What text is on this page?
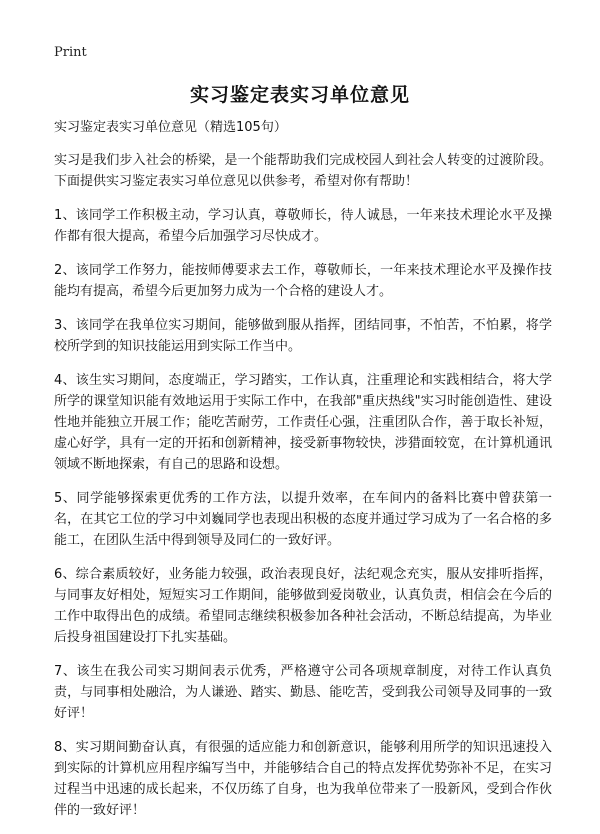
Print
实习鉴定表实习单位意见

实习鉴定表实习单位意见（精选105句）

实习是我们步入社会的桥梁，是一个能帮助我们完成校园人到社会人转变的过渡阶段。下面提供实习鉴定表实习单位意见以供参考，希望对你有帮助！

1、该同学工作积极主动，学习认真，尊敬师长，待人诚恳，一年来技术理论水平及操作都有很大提高，希望今后加强学习尽快成才。

2、该同学工作努力，能按师傅要求去工作，尊敬师长，一年来技术理论水平及操作技能均有提高，希望今后更加努力成为一个合格的建设人才。

3、该同学在我单位实习期间，能够做到服从指挥，团结同事，不怕苦，不怕累，将学校所学到的知识技能运用到实际工作当中。

4、该生实习期间，态度端正，学习踏实，工作认真，注重理论和实践相结合，将大学所学的课堂知识能有效地运用于实际工作中，在我部"重庆热线"实习时能创造性、建设性地并能独立开展工作；能吃苦耐劳，工作责任心强，注重团队合作，善于取长补短，虚心好学，具有一定的开拓和创新精神，接受新事物较快，涉猎面较宽，在计算机通讯领域不断地探索，有自己的思路和设想。

5、同学能够探索更优秀的工作方法，以提升效率，在车间内的备料比赛中曾获第一名，在其它工位的学习中刘巍同学也表现出积极的态度并通过学习成为了一名合格的多能工，在团队生活中得到领导及同仁的一致好评。

6、综合素质较好，业务能力较强，政治表现良好，法纪观念充实，服从安排听指挥，与同事友好相处，短短实习工作期间，能够做到爱岗敬业，认真负责，相信会在今后的工作中取得出色的成绩。希望同志继续积极参加各种社会活动，不断总结提高，为毕业后投身祖国建设打下扎实基础。

7、该生在我公司实习期间表示优秀，严格遵守公司各项规章制度，对待工作认真负责，与同事相处融洽，为人谦逊、踏实、勤恳、能吃苦，受到我公司领导及同事的一致好评！

8、实习期间勤奋认真，有很强的适应能力和创新意识，能够利用所学的知识迅速投入到实际的计算机应用程序编写当中，并能够结合自己的特点发挥优势弥补不足，在实习过程当中迅速的成长起来，不仅历练了自身，也为我单位带来了一股新风，受到合作伙伴的一致好评！
